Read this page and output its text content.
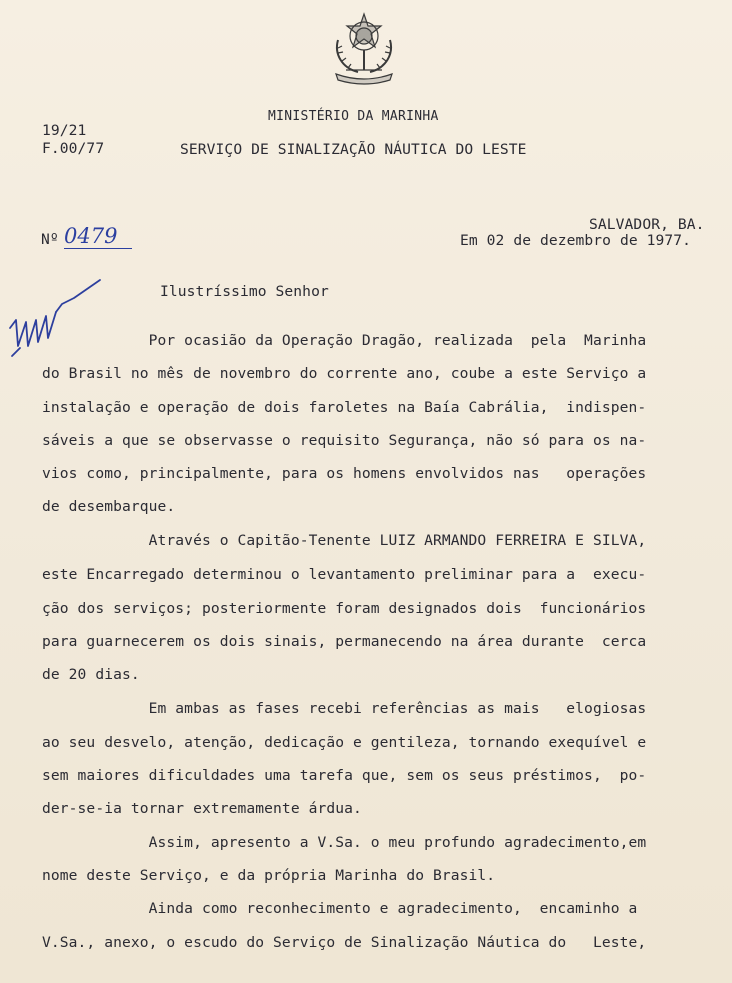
MINISTÉRIO DA MARINHA
19/21
F.00/77	SERVIÇO DE SINALIZAÇÃO NÁUTICA DO LESTE
SALVADOR, BA.
Em 02 de dezembro de 1977.
Nº 0479
Ilustríssimo Senhor
Por ocasião da Operação Dragão, realizada  pela  Marinha
do Brasil no mês de novembro do corrente ano, coube a este Serviço a
instalação e operação de dois faroletes na Baía Cabrália,  indispen-
sáveis a que se observasse o requisito Segurança, não só para os na-
vios como, principalmente, para os homens envolvidos nas   operações
de desembarque.
Através o Capitão-Tenente LUIZ ARMANDO FERREIRA E SILVA,
este Encarregado determinou o levantamento preliminar para a  execu-
ção dos serviços; posteriormente foram designados dois  funcionários
para guarnecerem os dois sinais, permanecendo na área durante  cerca
de 20 dias.
Em ambas as fases recebi referências as mais   elogiosas
ao seu desvelo, atenção, dedicação e gentileza, tornando exequível e
sem maiores dificuldades uma tarefa que, sem os seus préstimos,  po-
der-se-ia tornar extremamente árdua.
Assim, apresento a V.Sa. o meu profundo agradecimento,em
nome deste Serviço, e da própria Marinha do Brasil.
Ainda como reconhecimento e agradecimento,  encaminho a
V.Sa., anexo, o escudo do Serviço de Sinalização Náutica do   Leste,
